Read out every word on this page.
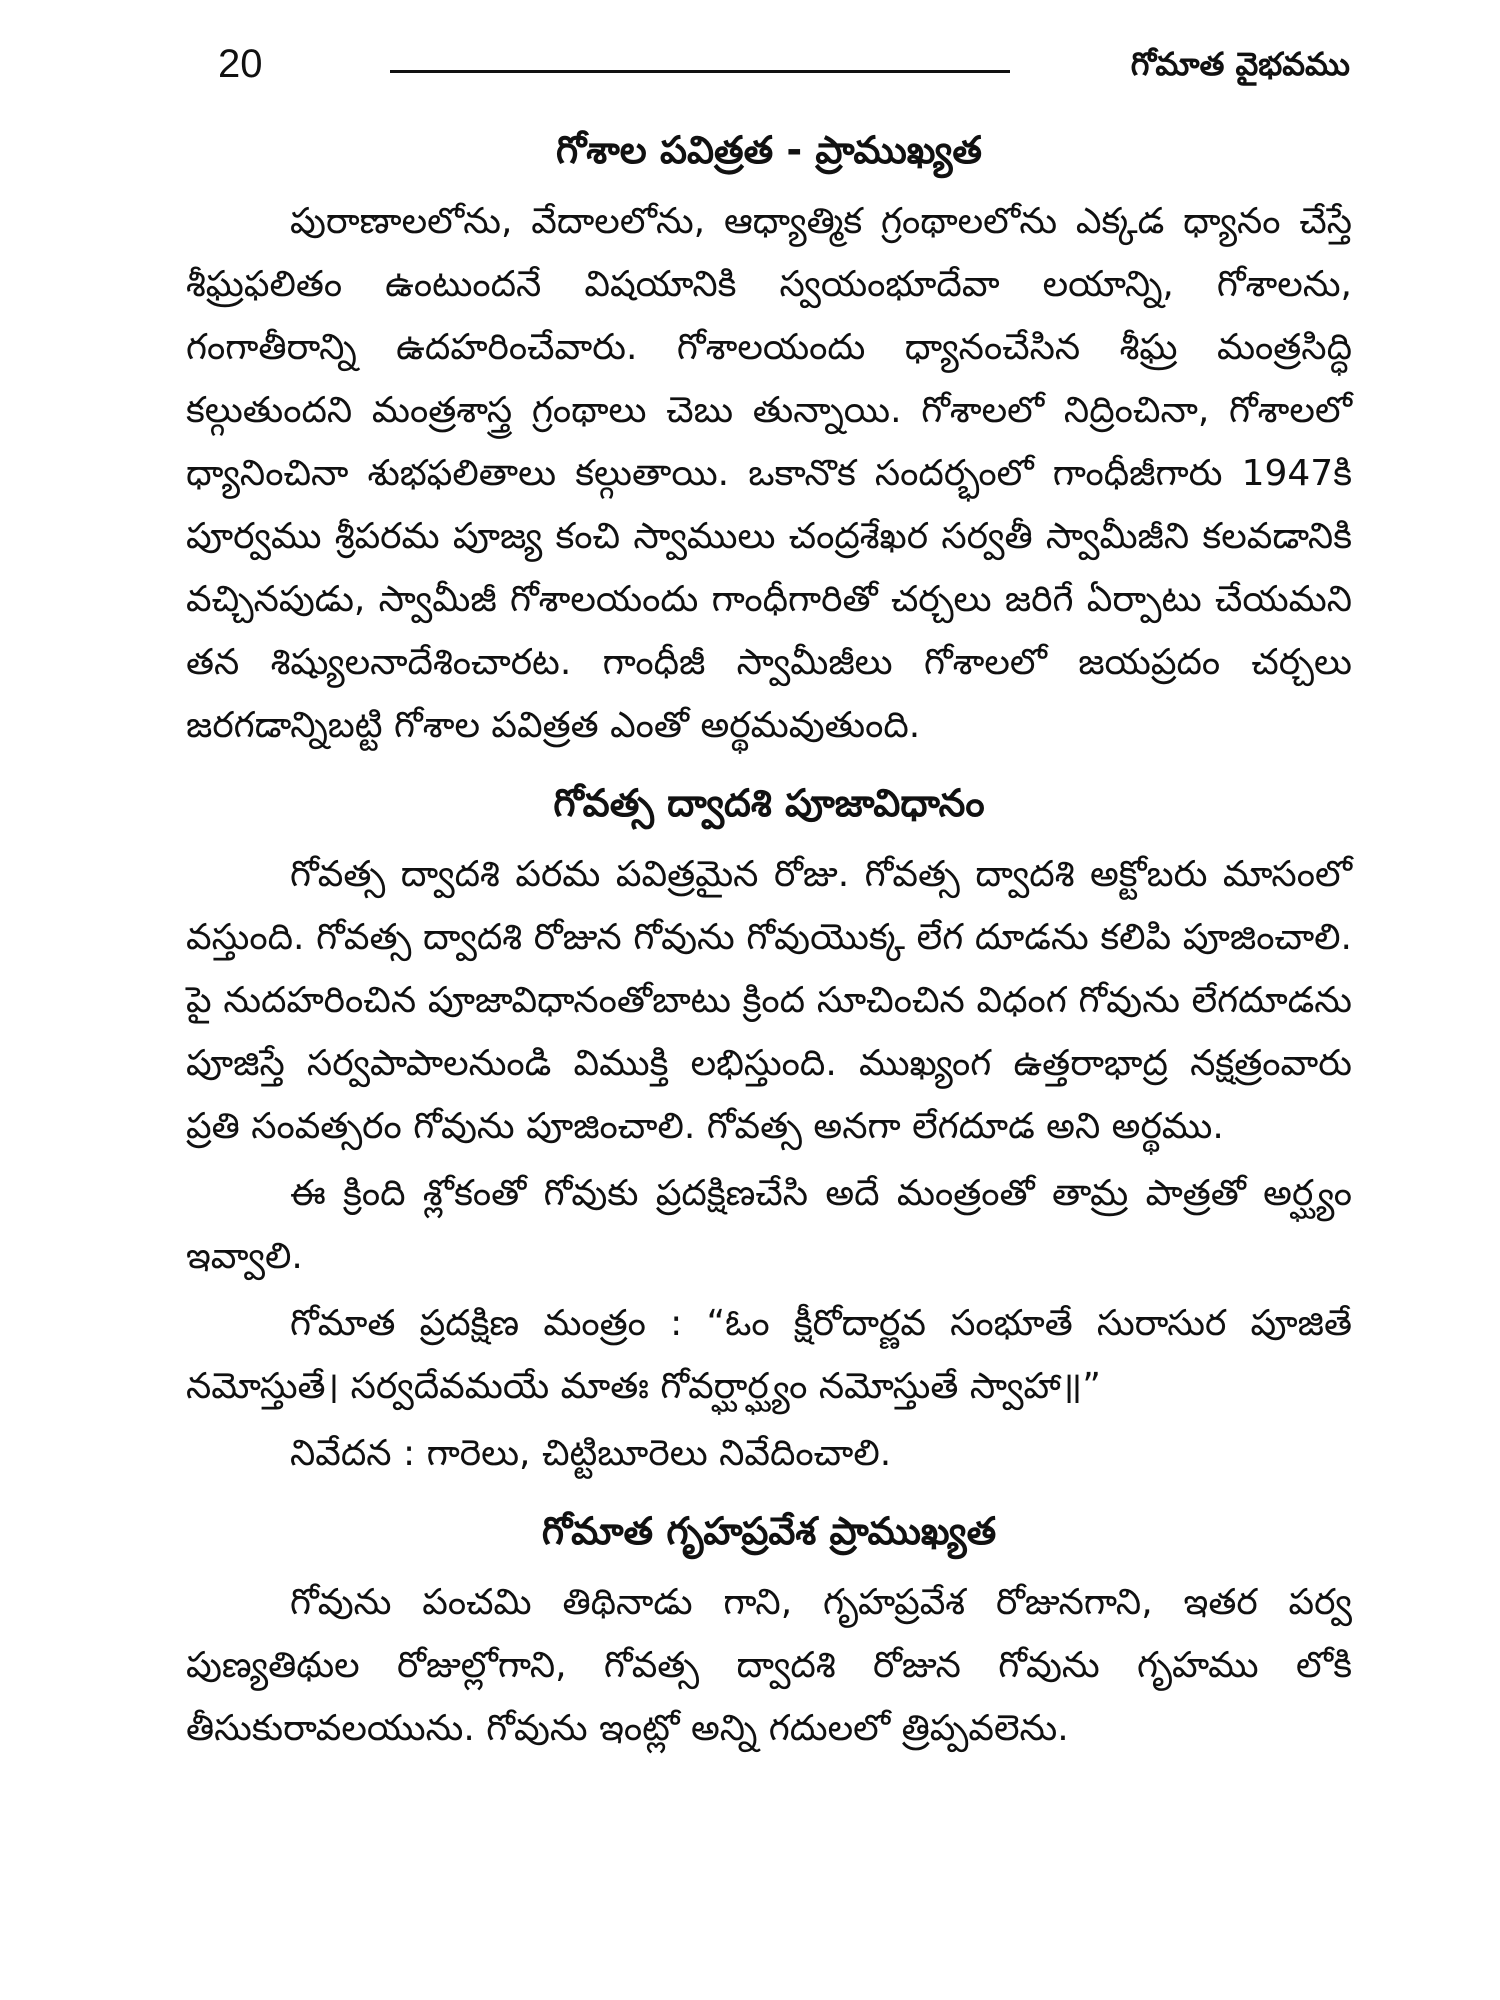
20	గోమాత వైభవము
గోశాల పవిత్రత - ప్రాముఖ్యత

పురాణాలలోను, వేదాలలోను, ఆధ్యాత్మిక గ్రంథాలలోను ఎక్కడ ధ్యానం చేస్తే శీఘ్రఫలితం ఉంటుందనే విషయానికి స్వయంభూదేవా లయాన్ని, గోశాలను, గంగాతీరాన్ని ఉదహరించేవారు. గోశాలయందు ధ్యానంచేసిన శీఘ్ర మంత్రసిద్ధి కల్గుతుందని మంత్రశాస్త్ర గ్రంథాలు చెబు తున్నాయి. గోశాలలో నిద్రించినా, గోశాలలో ధ్యానించినా శుభఫలితాలు కల్గుతాయి. ఒకానొక సందర్భంలో గాంధీజీగారు 1947కి పూర్వము శ్రీపరమ పూజ్య కంచి స్వాములు చంద్రశేఖర సర్వతీ స్వామీజీని కలవడానికి వచ్చినపుడు, స్వామీజీ గోశాలయందు గాంధీగారితో చర్చలు జరిగే ఏర్పాటు చేయమని తన శిష్యులనాదేశించారట. గాంధీజీ స్వామీజీలు గోశాలలో జయప్రదం చర్చలు జరగడాన్నిబట్టి గోశాల పవిత్రత ఎంతో అర్థమవుతుంది.

గోవత్స ద్వాదశి పూజావిధానం

గోవత్స ద్వాదశి పరమ పవిత్రమైన రోజు. గోవత్స ద్వాదశి అక్టోబరు మాసంలో వస్తుంది. గోవత్స ద్వాదశి రోజున గోవును గోవుయొక్క లేగ దూడను కలిపి పూజించాలి. పై నుదహరించిన పూజావిధానంతోబాటు క్రింద సూచించిన విధంగ గోవును లేగదూడను పూజిస్తే సర్వపాపాలనుండి విముక్తి లభిస్తుంది. ముఖ్యంగ ఉత్తరాభాద్ర నక్షత్రంవారు ప్రతి సంవత్సరం గోవును పూజించాలి. గోవత్స అనగా లేగదూడ అని అర్థము.

ఈ క్రింది శ్లోకంతో గోవుకు ప్రదక్షిణచేసి అదే మంత్రంతో తామ్ర పాత్రతో అర్ఘ్యం ఇవ్వాలి.

గోమాత ప్రదక్షిణ మంత్రం : “ఓం క్షీరోదార్ణవ సంభూతే సురాసుర పూజితే నమోస్తుతే। సర్వదేవమయే మాతః గోవర్ఘార్ఘ్యం నమోస్తుతే స్వాహా॥”

నివేదన : గారెలు, చిట్టిబూరెలు నివేదించాలి.

గోమాత గృహప్రవేశ ప్రాముఖ్యత

గోవును పంచమి తిథినాడు గాని, గృహప్రవేశ రోజునగాని, ఇతర పర్వ పుణ్యతిథుల రోజుల్లోగాని, గోవత్స ద్వాదశి రోజున గోవును గృహము లోకి తీసుకురావలయును. గోవును ఇంట్లో అన్ని గదులలో త్రిప్పవలెను.
